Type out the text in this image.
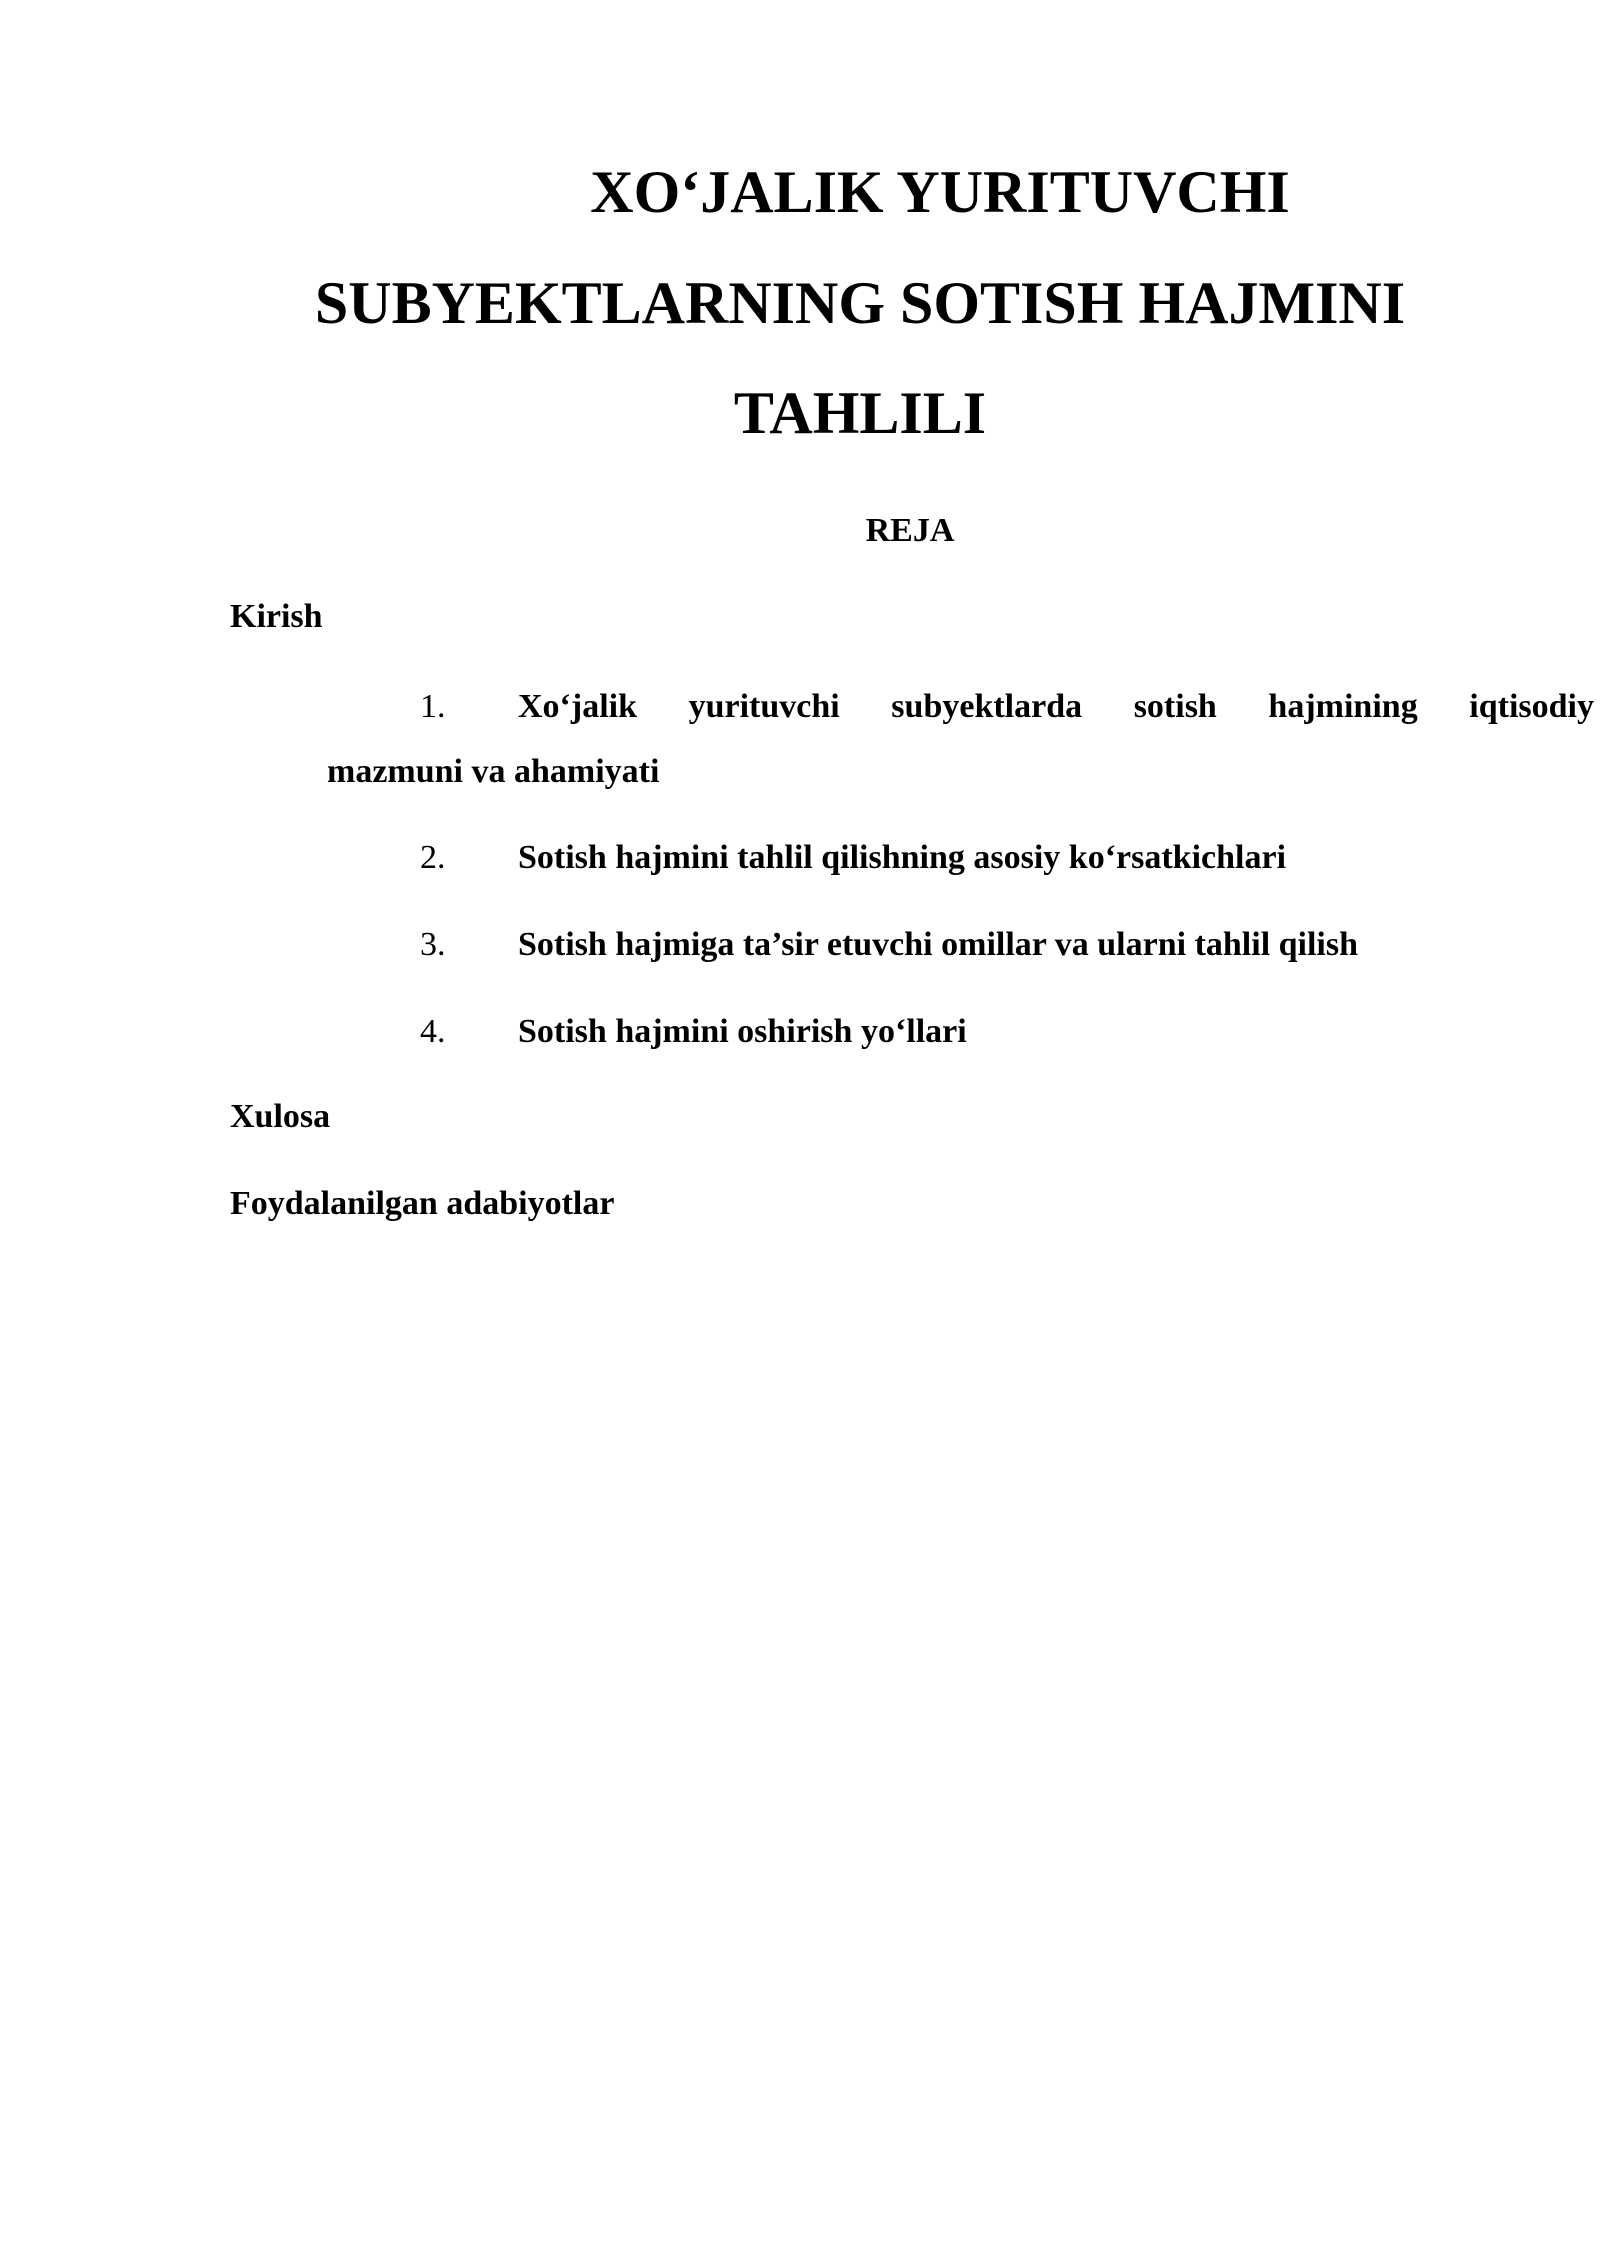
XO‘JALIK YURITUVCHI
SUBYEKTLARNING SOTISH HAJMINI
TAHLILI
REJA
Kirish
1. Xo‘jalik yurituvchi subyektlarda sotish hajmining iqtisodiy
mazmuni va ahamiyati
2. Sotish hajmini tahlil qilishning asosiy ko‘rsatkichlari
3. Sotish hajmiga ta’sir etuvchi omillar va ularni tahlil qilish
4. Sotish hajmini oshirish yo‘llari
Xulosa
Foydalanilgan adabiyotlar
